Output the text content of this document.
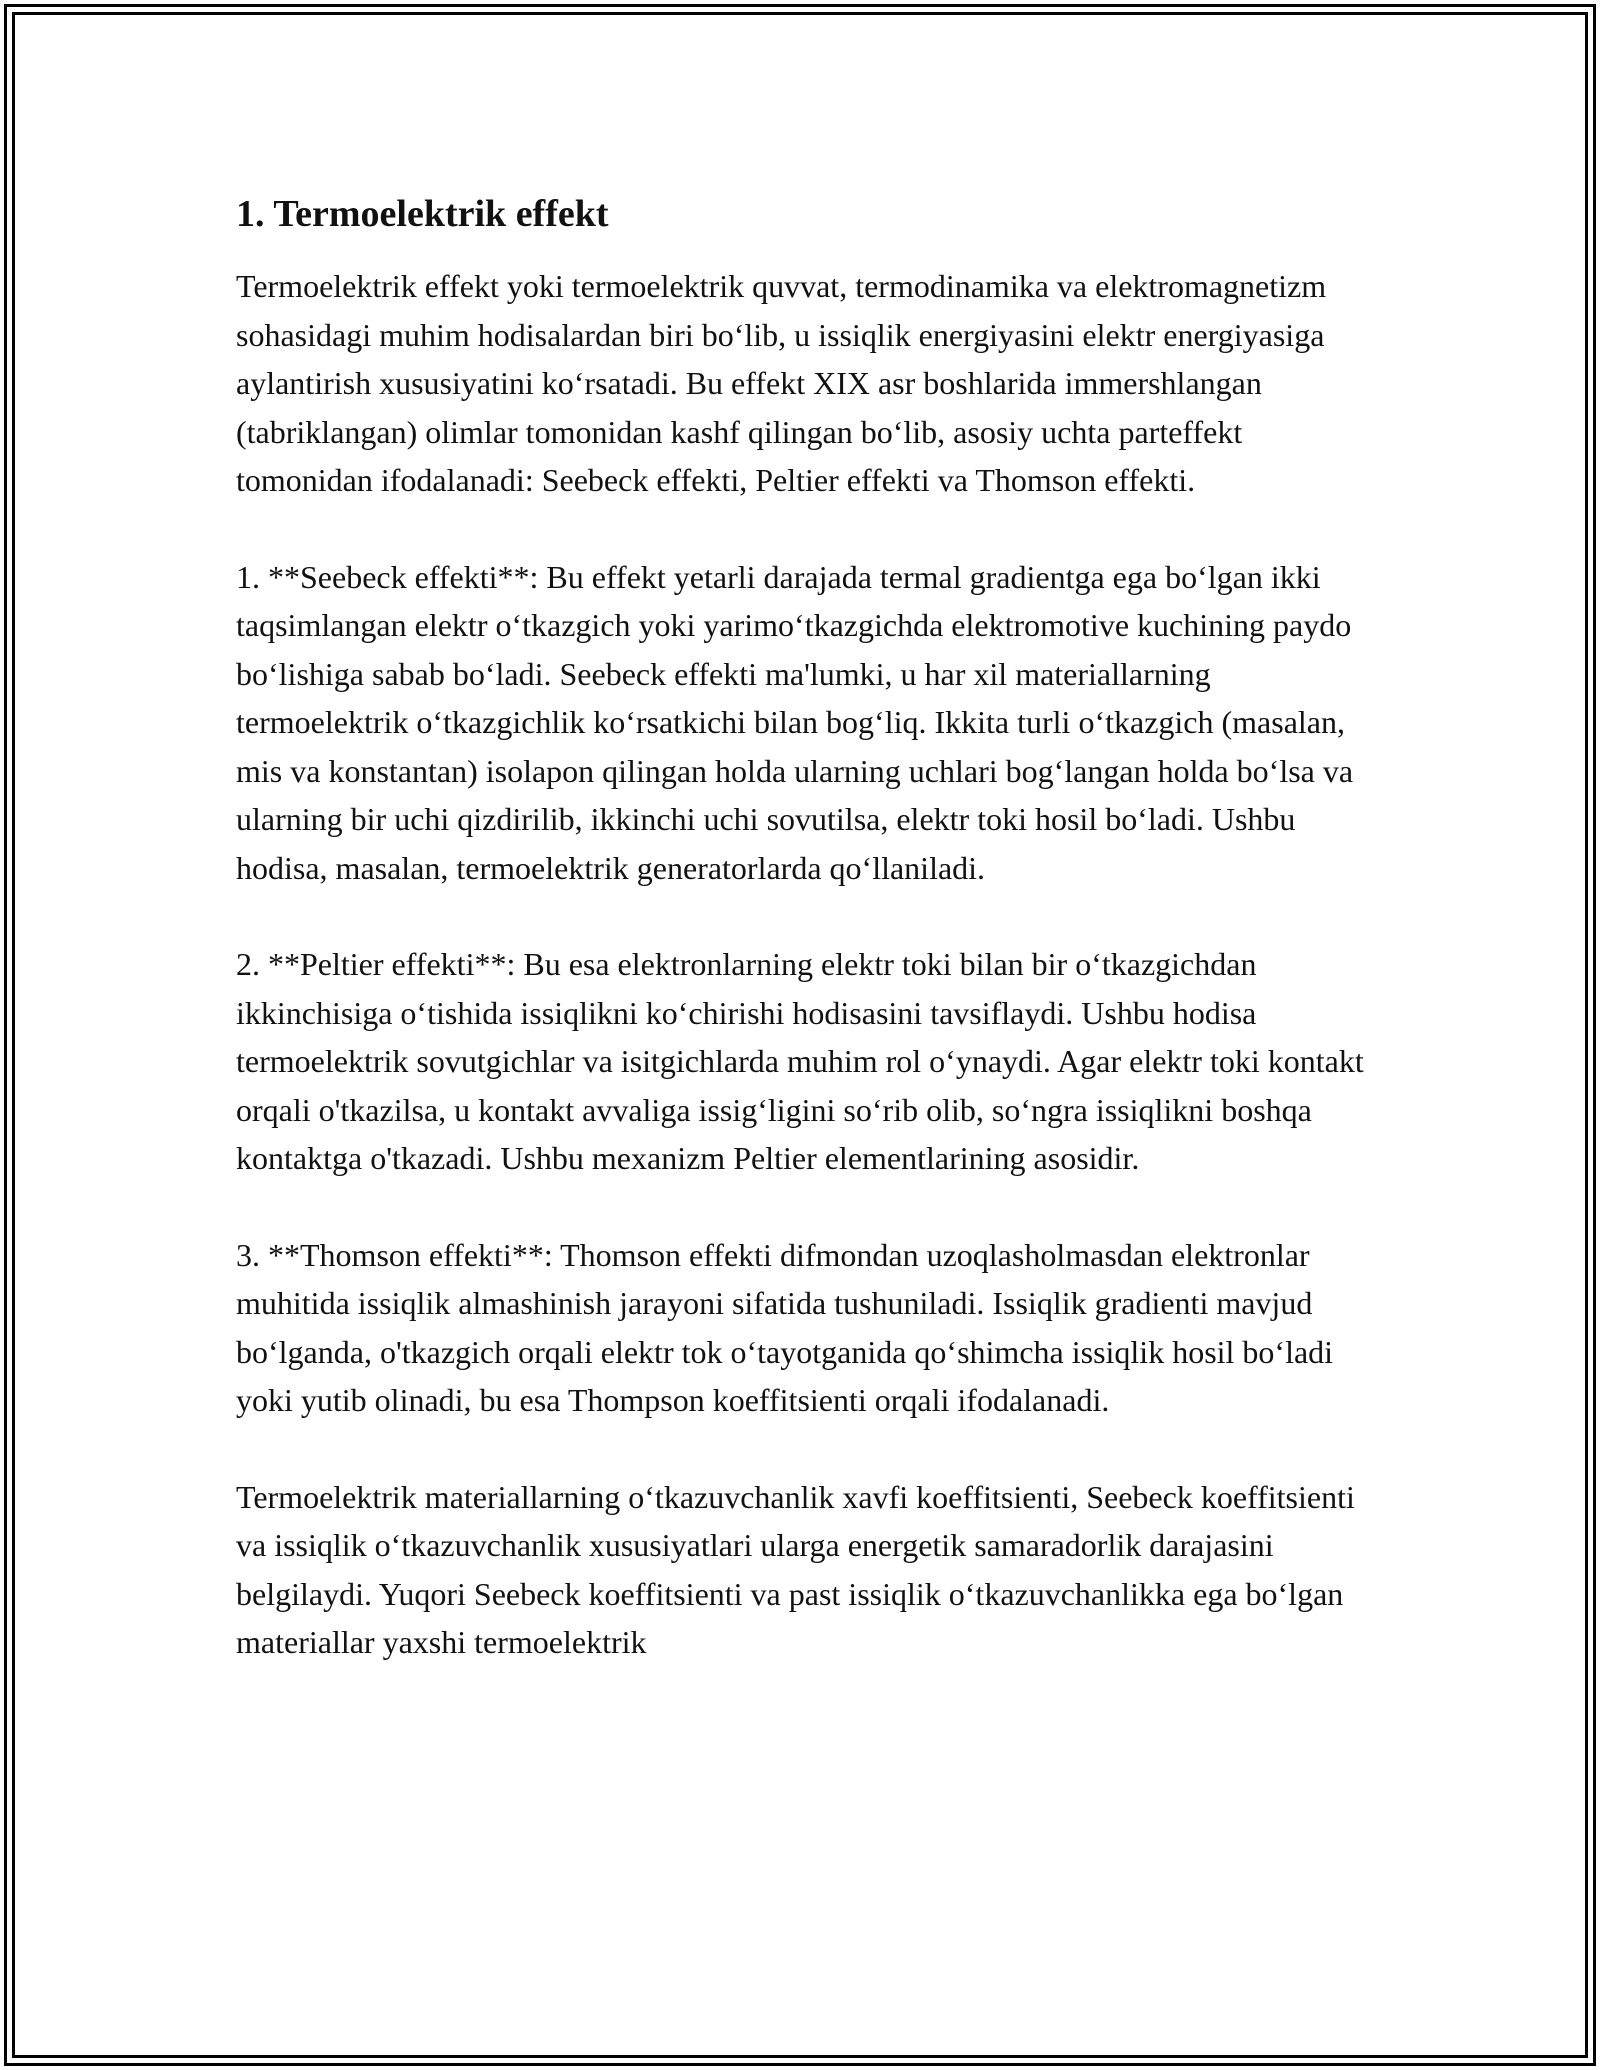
1. Termoelektrik effekt

Termoelektrik effekt yoki termoelektrik quvvat, termodinamika va elektromagnetizm sohasidagi muhim hodisalardan biri bo‘lib, u issiqlik energiyasini elektr energiyasiga aylantirish xususiyatini ko‘rsatadi. Bu effekt XIX asr boshlarida immershlangan (tabriklangan) olimlar tomonidan kashf qilingan bo‘lib, asosiy uchta parteffekt tomonidan ifodalanadi: Seebeck effekti, Peltier effekti va Thomson effekti.

1. **Seebeck effekti**: Bu effekt yetarli darajada termal gradientga ega bo‘lgan ikki taqsimlangan elektr o‘tkazgich yoki yarimo‘tkazgichda elektromotive kuchining paydo bo‘lishiga sabab bo‘ladi. Seebeck effekti ma'lumki, u har xil materiallarning termoelektrik o‘tkazgichlik ko‘rsatkichi bilan bog‘liq. Ikkita turli o‘tkazgich (masalan, mis va konstantan) isolapon qilingan holda ularning uchlari bog‘langan holda bo‘lsa va ularning bir uchi qizdirilib, ikkinchi uchi sovutilsa, elektr toki hosil bo‘ladi. Ushbu hodisa, masalan, termoelektrik generatorlarda qo‘llaniladi.

2. **Peltier effekti**: Bu esa elektronlarning elektr toki bilan bir o‘tkazgichdan ikkinchisiga o‘tishida issiqlikni ko‘chirishi hodisasini tavsiflaydi. Ushbu hodisa termoelektrik sovutgichlar va isitgichlarda muhim rol o‘ynaydi. Agar elektr toki kontakt orqali o'tkazilsa, u kontakt avvaliga issig‘ligini so‘rib olib, so‘ngra issiqlikni boshqa kontaktga o'tkazadi. Ushbu mexanizm Peltier elementlarining asosidir.

3. **Thomson effekti**: Thomson effekti difmondan uzoqlasholmasdan elektronlar muhitida issiqlik almashinish jarayoni sifatida tushuniladi. Issiqlik gradienti mavjud bo‘lganda, o'tkazgich orqali elektr tok o‘tayotganida qo‘shimcha issiqlik hosil bo‘ladi yoki yutib olinadi, bu esa Thompson koeffitsienti orqali ifodalanadi.

Termoelektrik materiallarning o‘tkazuvchanlik xavfi koeffitsienti, Seebeck koeffitsienti va issiqlik o‘tkazuvchanlik xususiyatlari ularga energetik samaradorlik darajasini belgilaydi. Yuqori Seebeck koeffitsienti va past issiqlik o‘tkazuvchanlikka ega bo‘lgan materiallar yaxshi termoelektrik
